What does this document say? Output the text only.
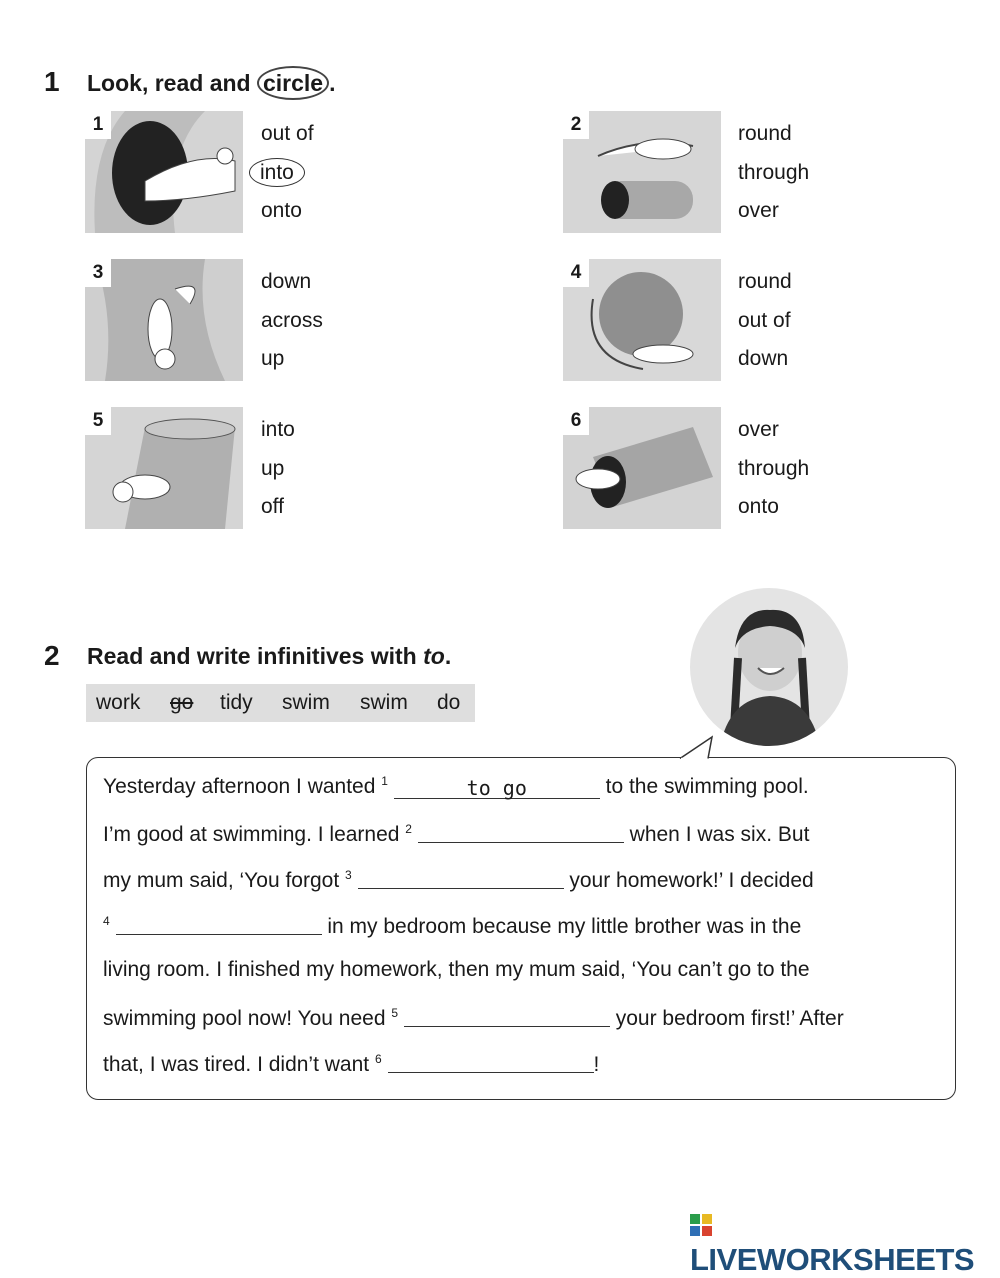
1 Look, read and circle .
1	2
3	4
5	6
out of
into
onto
round
through
over
down
across
up
round
out of
down
into
up
off
over
through
onto
2 Read and write infinitives with to.
work go tidy swim swim do
Yesterday afternoon I wanted $^1$	to go	to the swimming pool.
I’m good at swimming. I learned $^2$	when I was six. But
my mum said, ‘You forgot $^3$	your homework!’ I decided
$^4$	in my bedroom because my little brother was in the
living room. I finished my homework, then my mum said, ‘You can’t go to the
swimming pool now! You need $^5$	your bedroom first!’ After
that, I was tired. I didn’t want $^6$	!
LIVEWORKSHEETS
